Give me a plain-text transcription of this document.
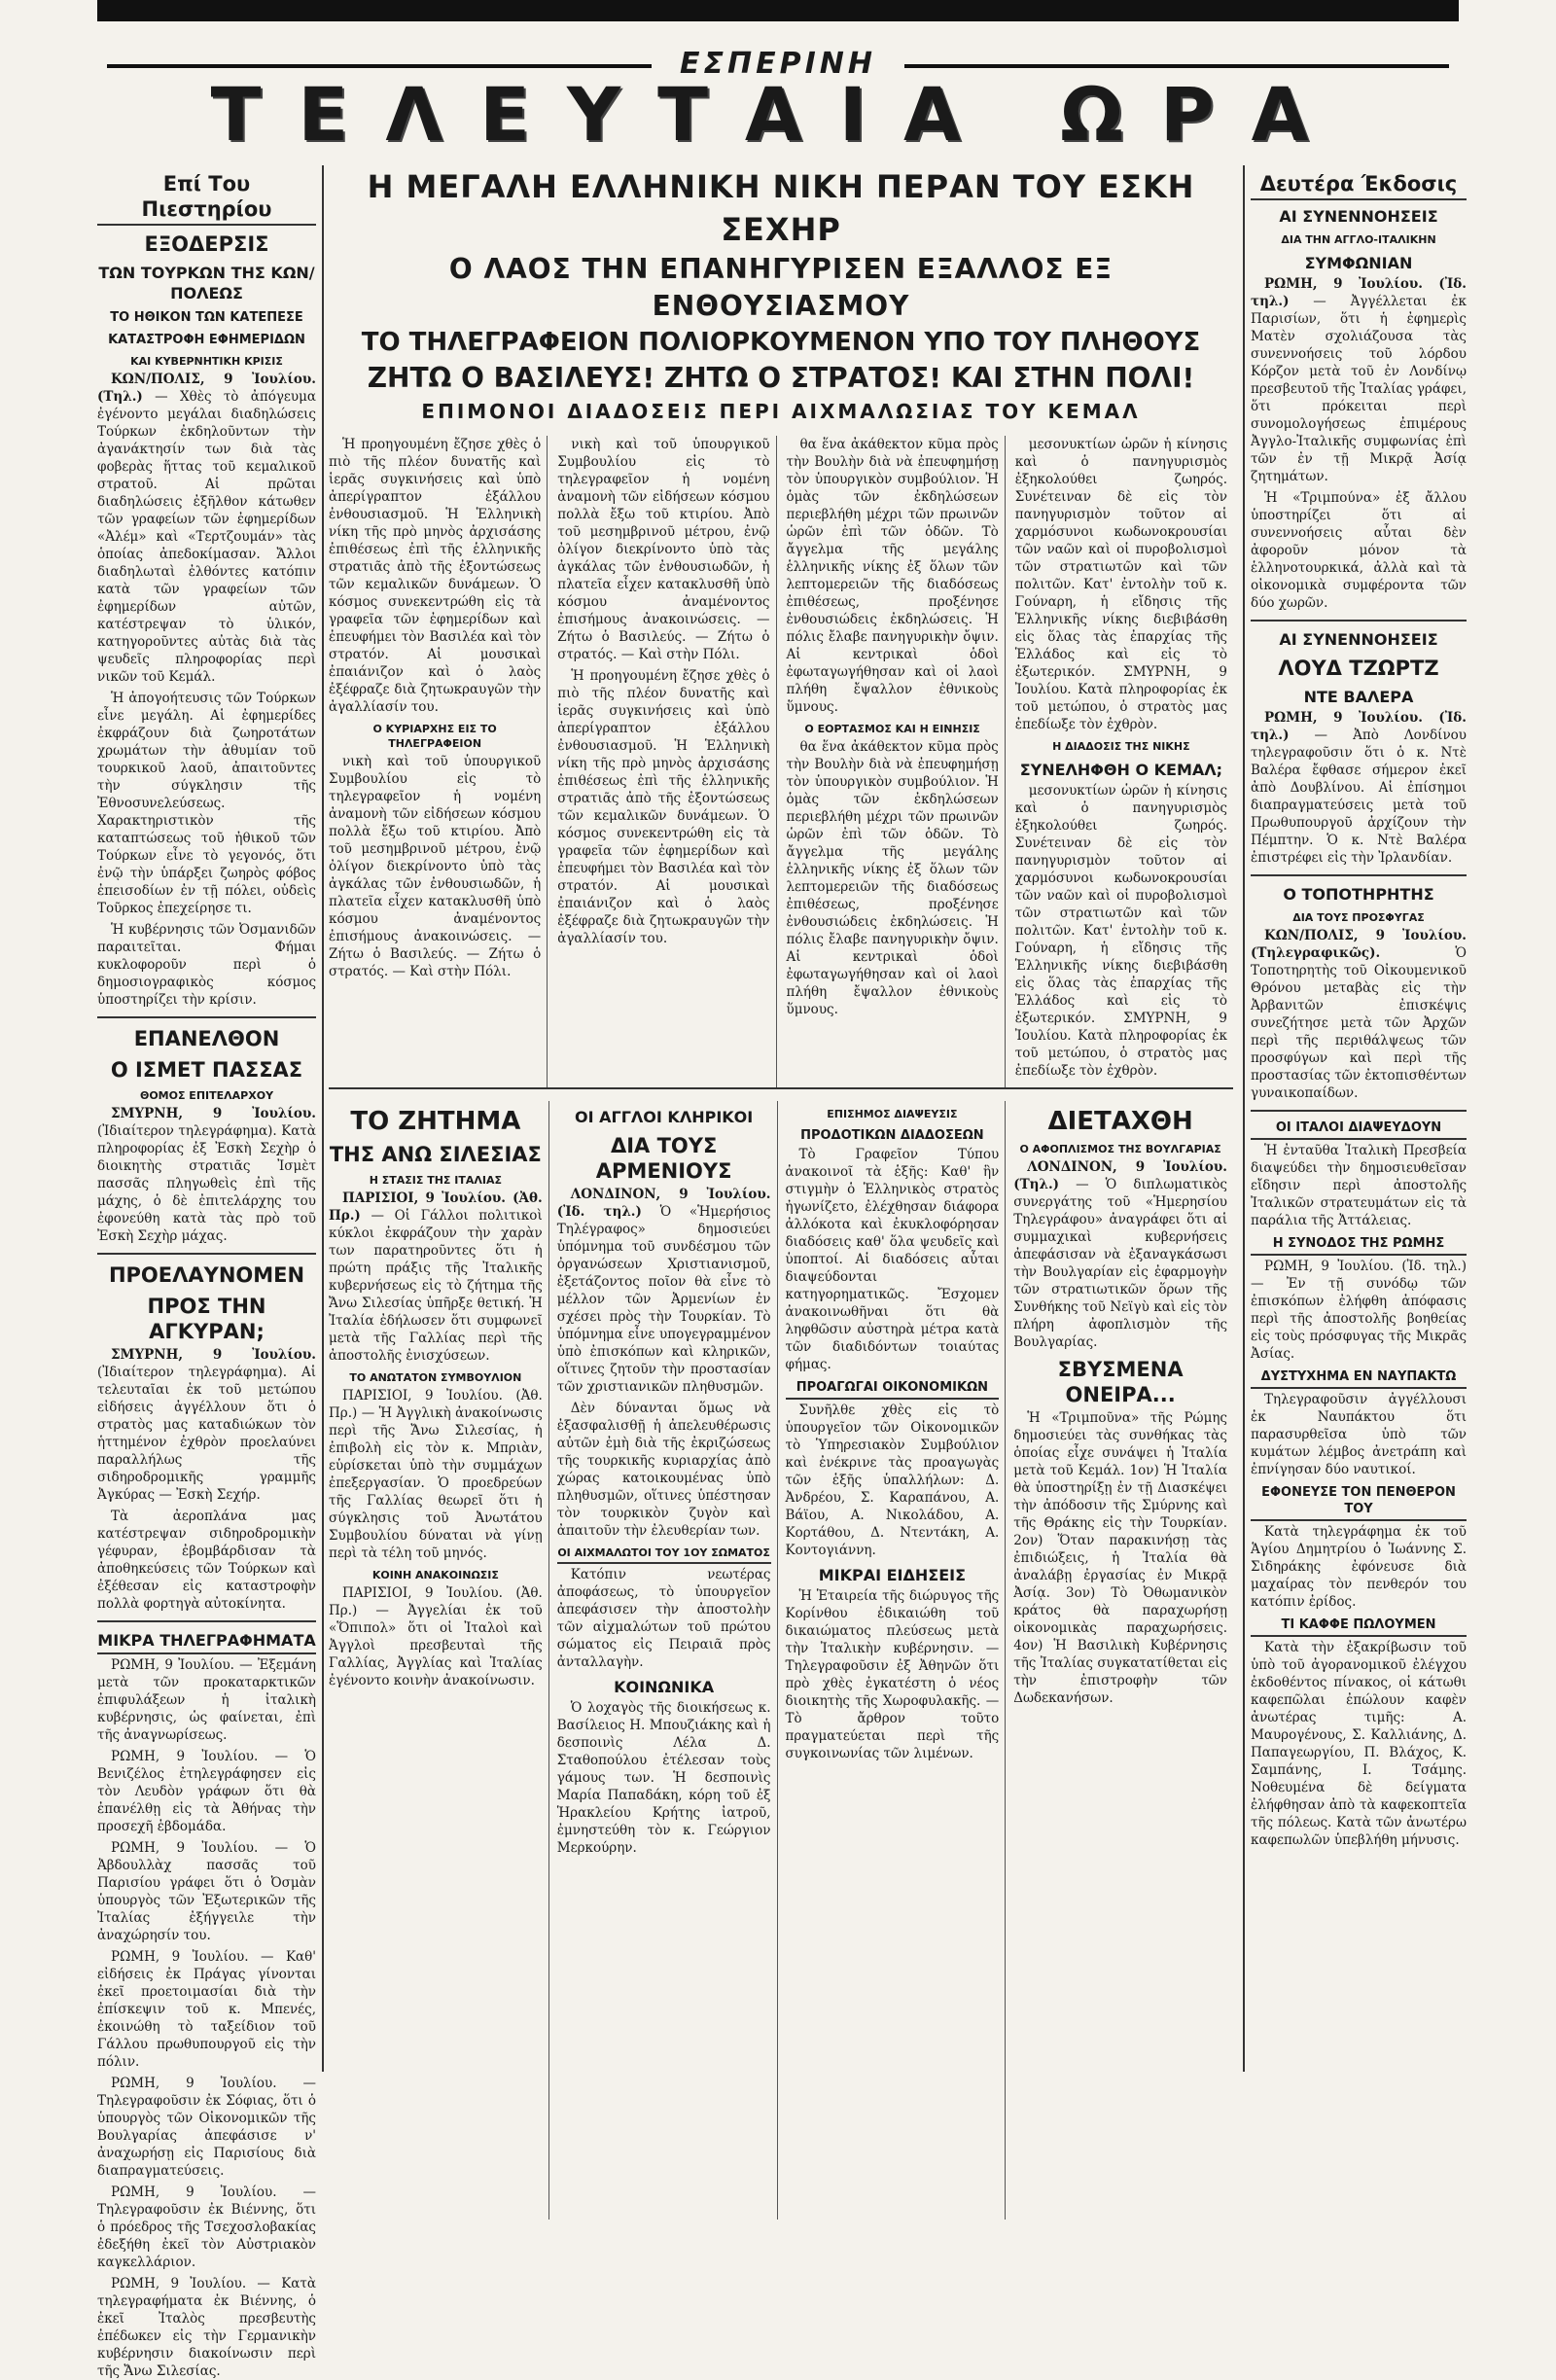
ΕΣΠΕΡΙΝΗ
ΤΕΛΕΥΤΑΙΑ ΩΡΑ
Επί Του Πιεστηρίου
ΕΞΟΔΕΡΣΙΣ
ΤΩΝ ΤΟΥΡΚΩΝ ΤΗΣ ΚΩΝ/ΠΟΛΕΩΣ
ΤΟ ΗΘΙΚΟΝ ΤΩΝ ΚΑΤΕΠΕΣΕ
ΚΑΤΑΣΤΡΟΦΗ ΕΦΗΜΕΡΙΔΩΝ
ΚΑΙ ΚΥΒΕΡΝΗΤΙΚΗ ΚΡΙΣΙΣ

ΚΩΝ/ΠΟΛΙΣ, 9 Ἰουλίου. (Τηλ.) — Χθὲς τὸ ἀπόγευμα ἐγένοντο μεγάλαι διαδηλώσεις Τούρκων ἐκδηλοῦντων τὴν ἀγανάκτησίν των διὰ τὰς φοβερὰς ἥττας τοῦ κεμαλικοῦ στρατοῦ. Αἱ πρῶται διαδηλώσεις ἐξῆλθον κάτωθεν τῶν γραφείων τῶν ἐφημερίδων «Ἀλέμ» καὶ «Τερτζουμάν» τὰς ὁποίας ἀπεδοκίμασαν. Ἄλλοι διαδηλωταὶ ἐλθόντες κατόπιν κατὰ τῶν γραφείων τῶν ἐφημερίδων αὐτῶν, κατέστρεψαν τὸ ὑλικόν, κατηγοροῦντες αὐτὰς διὰ τὰς ψευδεῖς πληροφορίας περὶ νικῶν τοῦ Κεμάλ.

Ἡ ἀπογοήτευσις τῶν Τούρκων εἶνε μεγάλη. Αἱ ἐφημερίδες ἐκφράζουν διὰ ζωηροτάτων χρωμάτων τὴν ἀθυμίαν τοῦ τουρκικοῦ λαοῦ, ἀπαιτοῦντες τὴν σύγκλησιν τῆς Ἐθνοσυνελεύσεως. Χαρακτηριστικὸν τῆς καταπτώσεως τοῦ ἠθικοῦ τῶν Τούρκων εἶνε τὸ γεγονός, ὅτι ἐνῷ τὴν ὑπάρξει ζωηρὸς φόβος ἐπεισοδίων ἐν τῇ πόλει, οὐδεὶς Τοῦρκος ἐπεχείρησε τι.

Ἡ κυβέρνησις τῶν Ὀσμανιδῶν παραιτεῖται. Φήμαι κυκλοφοροῦν περὶ ὁ δημοσιογραφικὸς κόσμος ὑποστηρίζει τὴν κρίσιν.

ΕΠΑΝΕΛΘΟΝ
Ο ΙΣΜΕΤ ΠΑΣΣΑΣ
ΘΟΜΟΣ ΕΠΙΤΕΛΑΡΧΟΥ

ΣΜΥΡΝΗ, 9 Ἰουλίου. (Ἰδιαίτερον τηλεγράφημα). Κατὰ πληροφορίας ἐξ Ἐσκὴ Σεχὴρ ὁ διοικητὴς στρατιᾶς Ἰσμὲτ πασσᾶς πληγωθεὶς ἐπὶ τῆς μάχης, ὁ δὲ ἐπιτελάρχης του ἐφονεύθη κατὰ τὰς πρὸ τοῦ Ἐσκὴ Σεχὴρ μάχας.

ΠΡΟΕΛΑΥΝΟΜΕΝ
ΠΡΟΣ ΤΗΝ ΑΓΚΥΡΑΝ;

ΣΜΥΡΝΗ, 9 Ἰουλίου. (Ἰδιαίτερον τηλεγράφημα). Αἱ τελευταῖαι ἐκ τοῦ μετώπου εἰδήσεις ἀγγέλλουν ὅτι ὁ στρατὸς μας καταδιώκων τὸν ἡττημένον ἐχθρὸν προελαύνει παραλλήλως τῆς σιδηροδρομικῆς γραμμῆς Ἀγκύρας — Ἐσκὴ Σεχήρ.

Τὰ ἀεροπλάνα μας κατέστρεψαν σιδηροδρομικὴν γέφυραν, ἐβομβάρδισαν τὰ ἀποθηκεύσεις τῶν Τούρκων καὶ ἐξέθεσαν εἰς καταστροφὴν πολλὰ φορτηγὰ αὐτοκίνητα.

ΜΙΚΡΑ ΤΗΛΕΓΡΑΦΗΜΑΤΑ

ΡΩΜΗ, 9 Ἰουλίου. — Ἐξεμάνη μετὰ τῶν προκαταρκτικῶν ἐπιφυλάξεων ἡ ἰταλικὴ κυβέρνησις, ὡς φαίνεται, ἐπὶ τῆς ἀναγνωρίσεως.

ΡΩΜΗ, 9 Ἰουλίου. — Ὁ Βενιζέλος ἐτηλεγράφησεν εἰς τὸν Λευδὸν γράφων ὅτι θὰ ἐπανέλθῃ εἰς τὰ Ἀθήνας τὴν προσεχῆ ἑβδομάδα.

ΡΩΜΗ, 9 Ἰουλίου. — Ὁ Ἀβδουλλὰχ πασσᾶς τοῦ Παρισίου γράφει ὅτι ὁ Ὀσμὰν ὑπουργὸς τῶν Ἐξωτερικῶν τῆς Ἰταλίας ἐξήγγειλε τὴν ἀναχώρησίν του.

ΡΩΜΗ, 9 Ἰουλίου. — Καθ' εἰδήσεις ἐκ Πράγας γίνονται ἐκεῖ προετοιμασίαι διὰ τὴν ἐπίσκεψιν τοῦ κ. Μπενές, ἐκοινώθη τὸ ταξείδιον τοῦ Γάλλου πρωθυπουργοῦ εἰς τὴν πόλιν.

ΡΩΜΗ, 9 Ἰουλίου. — Τηλεγραφοῦσιν ἐκ Σόφιας, ὅτι ὁ ὑπουργὸς τῶν Οἰκονομικῶν τῆς Βουλγαρίας ἀπεφάσισε ν' ἀναχωρήσῃ εἰς Παρισίους διὰ διαπραγματεύσεις.

ΡΩΜΗ, 9 Ἰουλίου. — Τηλεγραφοῦσιν ἐκ Βιέννης, ὅτι ὁ πρόεδρος τῆς Τσεχοσλοβακίας ἐδεξήθη ἐκεῖ τὸν Αὐστριακὸν καγκελλάριον.

ΡΩΜΗ, 9 Ἰουλίου. — Κατὰ τηλεγραφήματα ἐκ Βιέννης, ὁ ἐκεῖ Ἰταλὸς πρεσβευτὴς ἐπέδωκεν εἰς τὴν Γερμανικὴν κυβέρνησιν διακοίνωσιν περὶ τῆς Ἄνω Σιλεσίας.

Η ΜΕΓΑΛΗ ΕΛΛΗΝΙΚΗ ΝΙΚΗ ΠΕΡΑΝ ΤΟΥ ΕΣΚΗ ΣΕΧΗΡ
Ο ΛΑΟΣ ΤΗΝ ΕΠΑΝΗΓΥΡΙΣΕΝ ΕΞΑΛΛΟΣ ΕΞ ΕΝΘΟΥΣΙΑΣΜΟΥ
ΤΟ ΤΗΛΕΓΡΑΦΕΙΟΝ ΠΟΛΙΟΡΚΟΥΜΕΝΟΝ ΥΠΟ ΤΟΥ ΠΛΗΘΟΥΣ
ΖΗΤΩ Ο ΒΑΣΙΛΕΥΣ! ΖΗΤΩ Ο ΣΤΡΑΤΟΣ! ΚΑΙ ΣΤΗΝ ΠΟΛΙ!
ΕΠΙΜΟΝΟΙ ΔΙΑΔΟΣΕΙΣ ΠΕΡΙ ΑΙΧΜΑΛΩΣΙΑΣ ΤΟΥ ΚΕΜΑΛ

Ἡ προηγουμένη ἔζησε χθὲς ὁ πιὸ τῆς πλέον δυνατῆς καὶ ἱερᾶς συγκινήσεις καὶ ὑπὸ ἀπερίγραπτον ἐξάλλου ἐνθουσιασμοῦ. Ἡ Ἑλληνικὴ νίκη τῆς πρὸ μηνὸς ἀρχισάσης ἐπιθέσεως ἐπὶ τῆς ἑλληνικῆς στρατιᾶς ἀπὸ τῆς ἐξοντώσεως τῶν κεμαλικῶν δυνάμεων. Ὁ κόσμος συνεκεντρώθη εἰς τὰ γραφεῖα τῶν ἐφημερίδων καὶ ἐπευφήμει τὸν Βασιλέα καὶ τὸν στρατόν. Αἱ μουσικαὶ ἐπαιάνιζον καὶ ὁ λαὸς ἐξέφραζε διὰ ζητωκραυγῶν τὴν ἀγαλλίασίν του.

Ο ΚΥΡΙΑΡΧΗΣ ΕΙΣ ΤΟ ΤΗΛΕΓΡΑΦΕΙΟΝ

νικὴ καὶ τοῦ ὑπουργικοῦ Συμβουλίου εἰς τὸ τηλεγραφεῖον ἡ νομένη ἀναμονὴ τῶν εἰδήσεων κόσμου πολλὰ ἔξω τοῦ κτιρίου. Ἀπὸ τοῦ μεσημβρινοῦ μέτρου, ἐνῷ ὀλίγον διεκρίνοντο ὑπὸ τὰς ἀγκάλας τῶν ἐνθουσιωδῶν, ἡ πλατεῖα εἶχεν κατακλυσθῆ ὑπὸ κόσμου ἀναμένοντος ἐπισήμους ἀνακοινώσεις. — Ζήτω ὁ Βασιλεύς. — Ζήτω ὁ στρατός. — Καὶ στὴν Πόλι.

νικὴ καὶ τοῦ ὑπουργικοῦ Συμβουλίου εἰς τὸ τηλεγραφεῖον ἡ νομένη ἀναμονὴ τῶν εἰδήσεων κόσμου πολλὰ ἔξω τοῦ κτιρίου. Ἀπὸ τοῦ μεσημβρινοῦ μέτρου, ἐνῷ ὀλίγον διεκρίνοντο ὑπὸ τὰς ἀγκάλας τῶν ἐνθουσιωδῶν, ἡ πλατεῖα εἶχεν κατακλυσθῆ ὑπὸ κόσμου ἀναμένοντος ἐπισήμους ἀνακοινώσεις. — Ζήτω ὁ Βασιλεύς. — Ζήτω ὁ στρατός. — Καὶ στὴν Πόλι.

Ἡ προηγουμένη ἔζησε χθὲς ὁ πιὸ τῆς πλέον δυνατῆς καὶ ἱερᾶς συγκινήσεις καὶ ὑπὸ ἀπερίγραπτον ἐξάλλου ἐνθουσιασμοῦ. Ἡ Ἑλληνικὴ νίκη τῆς πρὸ μηνὸς ἀρχισάσης ἐπιθέσεως ἐπὶ τῆς ἑλληνικῆς στρατιᾶς ἀπὸ τῆς ἐξοντώσεως τῶν κεμαλικῶν δυνάμεων. Ὁ κόσμος συνεκεντρώθη εἰς τὰ γραφεῖα τῶν ἐφημερίδων καὶ ἐπευφήμει τὸν Βασιλέα καὶ τὸν στρατόν. Αἱ μουσικαὶ ἐπαιάνιζον καὶ ὁ λαὸς ἐξέφραζε διὰ ζητωκραυγῶν τὴν ἀγαλλίασίν του.

θα ἕνα ἀκάθεκτον κῦμα πρὸς τὴν Βουλὴν διὰ νὰ ἐπευφημήσῃ τὸν ὑπουργικὸν συμβούλιον. Ἡ ὁμὰς τῶν ἐκδηλώσεων περιεβλήθη μέχρι τῶν πρωινῶν ὡρῶν ἐπὶ τῶν ὁδῶν. Τὸ ἄγγελμα τῆς μεγάλης ἑλληνικῆς νίκης ἐξ ὅλων τῶν λεπτομερειῶν τῆς διαδόσεως ἐπιθέσεως, προξένησε ἐνθουσιώδεις ἐκδηλώσεις. Ἡ πόλις ἔλαβε πανηγυρικὴν ὄψιν. Αἱ κεντρικαὶ ὁδοὶ ἐφωταγωγήθησαν καὶ οἱ λαοὶ πλήθη ἔψαλλον ἐθνικοὺς ὕμνους.

Ο ΕΟΡΤΑΣΜΟΣ ΚΑΙ Η ΕΙΝΗΣΙΣ

θα ἕνα ἀκάθεκτον κῦμα πρὸς τὴν Βουλὴν διὰ νὰ ἐπευφημήσῃ τὸν ὑπουργικὸν συμβούλιον. Ἡ ὁμὰς τῶν ἐκδηλώσεων περιεβλήθη μέχρι τῶν πρωινῶν ὡρῶν ἐπὶ τῶν ὁδῶν. Τὸ ἄγγελμα τῆς μεγάλης ἑλληνικῆς νίκης ἐξ ὅλων τῶν λεπτομερειῶν τῆς διαδόσεως ἐπιθέσεως, προξένησε ἐνθουσιώδεις ἐκδηλώσεις. Ἡ πόλις ἔλαβε πανηγυρικὴν ὄψιν. Αἱ κεντρικαὶ ὁδοὶ ἐφωταγωγήθησαν καὶ οἱ λαοὶ πλήθη ἔψαλλον ἐθνικοὺς ὕμνους.

μεσονυκτίων ὡρῶν ἡ κίνησις καὶ ὁ πανηγυρισμὸς ἐξηκολούθει ζωηρός. Συνέτειναν δὲ εἰς τὸν πανηγυρισμὸν τοῦτον αἱ χαρμόσυνοι κωδωνοκρουσίαι τῶν ναῶν καὶ οἱ πυροβολισμοὶ τῶν στρατιωτῶν καὶ τῶν πολιτῶν. Κατ' ἐντολὴν τοῦ κ. Γούναρη, ἡ εἴδησις τῆς Ἑλληνικῆς νίκης διεβιβάσθη εἰς ὅλας τὰς ἐπαρχίας τῆς Ἑλλάδος καὶ εἰς τὸ ἐξωτερικόν. ΣΜΥΡΝΗ, 9 Ἰουλίου. Κατὰ πληροφορίας ἐκ τοῦ μετώπου, ὁ στρατὸς μας ἐπεδίωξε τὸν ἐχθρὸν.

Η ΔΙΑΔΟΣΙΣ ΤΗΣ ΝΙΚΗΣ
ΣΥΝΕΛΗΦΘΗ Ο ΚΕΜΑΛ;

μεσονυκτίων ὡρῶν ἡ κίνησις καὶ ὁ πανηγυρισμὸς ἐξηκολούθει ζωηρός. Συνέτειναν δὲ εἰς τὸν πανηγυρισμὸν τοῦτον αἱ χαρμόσυνοι κωδωνοκρουσίαι τῶν ναῶν καὶ οἱ πυροβολισμοὶ τῶν στρατιωτῶν καὶ τῶν πολιτῶν. Κατ' ἐντολὴν τοῦ κ. Γούναρη, ἡ εἴδησις τῆς Ἑλληνικῆς νίκης διεβιβάσθη εἰς ὅλας τὰς ἐπαρχίας τῆς Ἑλλάδος καὶ εἰς τὸ ἐξωτερικόν. ΣΜΥΡΝΗ, 9 Ἰουλίου. Κατὰ πληροφορίας ἐκ τοῦ μετώπου, ὁ στρατὸς μας ἐπεδίωξε τὸν ἐχθρὸν.

ΤΟ ΖΗΤΗΜΑ
ΤΗΣ ΑΝΩ ΣΙΛΕΣΙΑΣ
Η ΣΤΑΣΙΣ ΤΗΣ ΙΤΑΛΙΑΣ

ΠΑΡΙΣΙΟΙ, 9 Ἰουλίου. (Ἀθ. Πρ.) — Οἱ Γάλλοι πολιτικοὶ κύκλοι ἐκφράζουν τὴν χαρὰν των παρατηροῦντες ὅτι ἡ πρώτη πράξις τῆς Ἰταλικῆς κυβερνήσεως εἰς τὸ ζήτημα τῆς Ἄνω Σιλεσίας ὑπῆρξε θετική. Ἡ Ἰταλία ἐδήλωσεν ὅτι συμφωνεῖ μετὰ τῆς Γαλλίας περὶ τῆς ἀποστολῆς ἐνισχύσεων.

ΤΟ ΑΝΩΤΑΤΟΝ ΣΥΜΒΟΥΛΙΟΝ

ΠΑΡΙΣΙΟΙ, 9 Ἰουλίου. (Ἀθ. Πρ.) — Ἡ Ἀγγλικὴ ἀνακοίνωσις περὶ τῆς Ἄνω Σιλεσίας, ἡ ἐπιβολὴ εἰς τὸν κ. Μπριὰν, εὑρίσκεται ὑπὸ τὴν συμμάχων ἐπεξεργασίαν. Ὁ προεδρεύων τῆς Γαλλίας θεωρεῖ ὅτι ἡ σύγκλησις τοῦ Ἀνωτάτου Συμβουλίου δύναται νὰ γίνῃ περὶ τὰ τέλη τοῦ μηνός.

ΚΟΙΝΗ ΑΝΑΚΟΙΝΩΣΙΣ

ΠΑΡΙΣΙΟΙ, 9 Ἰουλίου. (Ἀθ. Πρ.) — Ἀγγελίαι ἐκ τοῦ «Ὅπιπολ» ὅτι οἱ Ἰταλοὶ καὶ Ἀγγλοὶ πρεσβευταὶ τῆς Γαλλίας, Ἀγγλίας καὶ Ἰταλίας ἐγένοντο κοινὴν ἀνακοίνωσιν.

ΟΙ ΑΓΓΛΟΙ ΚΛΗΡΙΚΟΙ
ΔΙΑ ΤΟΥΣ ΑΡΜΕΝΙΟΥΣ

ΛΟΝΔΙΝΟΝ, 9 Ἰουλίου. (Ἰδ. τηλ.) Ὁ «Ἡμερήσιος Τηλέγραφος» δημοσιεύει ὑπόμνημα τοῦ συνδέσμου τῶν ὀργανώσεων Χριστιανισμοῦ, ἐξετάζοντος ποῖον θὰ εἶνε τὸ μέλλον τῶν Ἀρμενίων ἐν σχέσει πρὸς τὴν Τουρκίαν. Τὸ ὑπόμνημα εἶνε υπογεγραμμένον ὑπὸ ἐπισκόπων καὶ κληρικῶν, οἵτινες ζητοῦν τὴν προστασίαν τῶν χριστιανικῶν πληθυσμῶν.

Δὲν δύνανται ὅμως νὰ ἐξασφαλισθῇ ἡ ἀπελευθέρωσις αὐτῶν ἐμὴ διὰ τῆς ἐκριζώσεως τῆς τουρκικῆς κυριαρχίας ἀπὸ χώρας κατοικουμένας ὑπὸ πληθυσμῶν, οἵτινες ὑπέστησαν τὸν τουρκικὸν ζυγὸν καὶ ἀπαιτοῦν τὴν ἐλευθερίαν των.

ΟΙ ΑΙΧΜΑΛΩΤΟΙ ΤΟΥ 1ΟΥ ΣΩΜΑΤΟΣ

Κατόπιν νεωτέρας ἀποφάσεως, τὸ ὑπουργεῖον ἀπεφάσισεν τὴν ἀποστολὴν τῶν αἰχμαλώτων τοῦ πρώτου σώματος εἰς Πειραιᾶ πρὸς ἀνταλλαγὴν.

ΚΟΙΝΩΝΙΚΑ

Ὁ λοχαγὸς τῆς διοικήσεως κ. Βασίλειος Η. Μπουζιάκης καὶ ἡ δεσποινὶς Λέλα Δ. Σταθοπούλου ἐτέλεσαν τοὺς γάμους των. Ἡ δεσποινὶς Μαρία Παπαδάκη, κόρη τοῦ ἐξ Ἡρακλείου Κρήτης ἰατροῦ, ἐμνηστεύθη τὸν κ. Γεώργιον Μερκούρην.

ΕΠΙΣΗΜΟΣ ΔΙΑΨΕΥΣΙΣ
ΠΡΟΔΟΤΙΚΩΝ ΔΙΑΔΟΣΕΩΝ

Τὸ Γραφεῖον Τύπου ἀνακοινοῖ τὰ ἑξῆς: Καθ' ἣν στιγμὴν ὁ Ἑλληνικὸς στρατὸς ἠγωνίζετο, ἐλέχθησαν διάφορα ἀλλόκοτα καὶ ἐκυκλοφόρησαν διαδόσεις καθ' ὅλα ψευδεῖς καὶ ὑποπτοί. Αἱ διαδόσεις αὗται διαψεύδονται κατηγορηματικῶς. Ἔσχομεν ἀνακοινωθῆναι ὅτι θὰ ληφθῶσιν αὐστηρὰ μέτρα κατὰ τῶν διαδιδόντων τοιαύτας φήμας.

ΠΡΟΑΓΩΓΑΙ ΟΙΚΟΝΟΜΙΚΩΝ

Συνῆλθε χθὲς εἰς τὸ ὑπουργεῖον τῶν Οἰκονομικῶν τὸ Ὑπηρεσιακὸν Συμβούλιον καὶ ἐνέκρινε τὰς προαγωγὰς τῶν ἑξῆς ὑπαλλήλων: Δ. Ἀνδρέου, Σ. Καραπάνου, Α. Βάϊου, Α. Νικολάδου, Α. Κορτάθου, Δ. Ντεντάκη, Α. Κοντογιάννη.

ΜΙΚΡΑΙ ΕΙΔΗΣΕΙΣ

Ἡ Ἑταιρεία τῆς διώρυγος τῆς Κορίνθου ἐδικαιώθη τοῦ δικαιώματος πλεύσεως μετὰ τὴν Ἰταλικὴν κυβέρνησιν. — Τηλεγραφοῦσιν ἐξ Ἀθηνῶν ὅτι πρὸ χθὲς ἐγκατέστη ὁ νέος διοικητὴς τῆς Χωροφυλακῆς. — Τὸ ἄρθρον τοῦτο πραγματεύεται περὶ τῆς συγκοινωνίας τῶν λιμένων.

ΔΙΕΤΑΧΘΗ
Ο ΑΦΟΠΛΙΣΜΟΣ ΤΗΣ ΒΟΥΛΓΑΡΙΑΣ

ΛΟΝΔΙΝΟΝ, 9 Ἰουλίου. (Τηλ.) — Ὁ διπλωματικὸς συνεργάτης τοῦ «Ἡμερησίου Τηλεγράφου» ἀναγράφει ὅτι αἱ συμμαχικαὶ κυβερνήσεις ἀπεφάσισαν νὰ ἐξαναγκάσωσι τὴν Βουλγαρίαν εἰς ἐφαρμογὴν τῶν στρατιωτικῶν ὅρων τῆς Συνθήκης τοῦ Νεϊγὺ καὶ εἰς τὸν πλήρη ἀφοπλισμὸν τῆς Βουλγαρίας.

ΣΒΥΣΜΕΝΑ ΟΝΕΙΡΑ...

Ἡ «Τριμποῦνα» τῆς Ρώμης δημοσιεύει τὰς συνθήκας τὰς ὁποίας εἶχε συνάψει ἡ Ἰταλία μετὰ τοῦ Κεμάλ. 1ον) Ἡ Ἰταλία θὰ ὑποστηρίξῃ ἐν τῇ Διασκέψει τὴν ἀπόδοσιν τῆς Σμύρνης καὶ τῆς Θράκης εἰς τὴν Τουρκίαν. 2ον) Ὅταν παρακινήσῃ τὰς ἐπιδιώξεις, ἡ Ἰταλία θὰ ἀναλάβῃ ἐργασίας ἐν Μικρᾷ Ἀσίᾳ. 3ον) Τὸ Ὀθωμανικὸν κράτος θὰ παραχωρήσῃ οἰκονομικὰς παραχωρήσεις. 4ον) Ἡ Βασιλικὴ Κυβέρνησις τῆς Ἰταλίας συγκατατίθεται εἰς τὴν ἐπιστροφὴν τῶν Δωδεκανήσων.

Δευτέρα Έκδοσις
ΑΙ ΣΥΝΕΝΝΟΗΣΕΙΣ
ΔΙΑ ΤΗΝ ΑΓΓΛΟ-ΙΤΑΛΙΚΗΝ
ΣΥΜΦΩΝΙΑΝ

ΡΩΜΗ, 9 Ἰουλίου. (Ἰδ. τηλ.) — Ἀγγέλλεται ἐκ Παρισίων, ὅτι ἡ ἐφημερὶς Ματὲν σχολιάζουσα τὰς συνεννοήσεις τοῦ λόρδου Κόρζον μετὰ τοῦ ἐν Λονδίνῳ πρεσβευτοῦ τῆς Ἰταλίας γράφει, ὅτι πρόκειται περὶ συνομολογήσεως ἐπιμέρους Ἀγγλο-Ἰταλικῆς συμφωνίας ἐπὶ τῶν ἐν τῇ Μικρᾷ Ἀσίᾳ ζητημάτων.

Ἡ «Τριμπούνα» ἐξ ἄλλου ὑποστηρίζει ὅτι αἱ συνεννοήσεις αὗται δὲν ἀφοροῦν μόνον τὰ ἑλληνοτουρκικά, ἀλλὰ καὶ τὰ οἰκονομικὰ συμφέροντα τῶν δύο χωρῶν.

ΑΙ ΣΥΝΕΝΝΟΗΣΕΙΣ
ΛΟΥΔ ΤΖΩΡΤΖ
ΝΤΕ ΒΑΛΕΡΑ

ΡΩΜΗ, 9 Ἰουλίου. (Ἰδ. τηλ.) — Ἀπὸ Λονδίνου τηλεγραφοῦσιν ὅτι ὁ κ. Ντὲ Βαλέρα ἔφθασε σήμερον ἐκεῖ ἀπὸ Δουβλίνου. Αἱ ἐπίσημοι διαπραγματεύσεις μετὰ τοῦ Πρωθυπουργοῦ ἀρχίζουν τὴν Πέμπτην. Ὁ κ. Ντὲ Βαλέρα ἐπιστρέφει εἰς τὴν Ἰρλανδίαν.

Ο ΤΟΠΟΤΗΡΗΤΗΣ
ΔΙΑ ΤΟΥΣ ΠΡΟΣΦΥΓΑΣ

ΚΩΝ/ΠΟΛΙΣ, 9 Ἰουλίου. (Τηλεγραφικῶς).	Ὁ Τοποτηρητὴς τοῦ Οἰκουμενικοῦ Θρόνου μεταβὰς εἰς τὴν Ἀρβανιτῶν ἐπισκέψις συνεζήτησε μετὰ τῶν Ἀρχῶν περὶ τῆς περιθάλψεως τῶν προσφύγων καὶ περὶ τῆς προστασίας τῶν ἐκτοπισθέντων γυναικοπαίδων.

ΟΙ ΙΤΑΛΟΙ ΔΙΑΨΕΥΔΟΥΝ

Ἡ ἐνταῦθα Ἰταλικὴ Πρεσβεία διαψεύδει τὴν δημοσιευθεῖσαν εἴδησιν περὶ ἀποστολῆς Ἰταλικῶν στρατευμάτων εἰς τὰ παράλια τῆς Ἀττάλειας.

Η ΣΥΝΟΔΟΣ ΤΗΣ ΡΩΜΗΣ

ΡΩΜΗ, 9 Ἰουλίου. (Ἰδ. τηλ.) — Ἐν τῇ συνόδῳ τῶν ἐπισκόπων ἐλήφθη ἀπόφασις περὶ τῆς ἀποστολῆς βοηθείας εἰς τοὺς πρόσφυγας τῆς Μικρᾶς Ἀσίας.

ΔΥΣΤΥΧΗΜΑ ΕΝ ΝΑΥΠΑΚΤΩ

Τηλεγραφοῦσιν ἀγγέλλουσι ἐκ Ναυπάκτου ὅτι παρασυρθεῖσα ὑπὸ τῶν κυμάτων λέμβος ἀνετράπη καὶ ἐπνίγησαν δύο ναυτικοί.

ΕΦΟΝΕΥΣΕ ΤΟΝ ΠΕΝΘΕΡΟΝ ΤΟΥ

Κατὰ τηλεγράφημα ἐκ τοῦ Ἁγίου Δημητρίου ὁ Ἰωάννης Σ. Σιδηράκης ἐφόνευσε διὰ μαχαίρας τὸν πενθερόν του κατόπιν ἐρίδος.

ΤΙ ΚΑΦΦΕ ΠΩΛΟΥΜΕΝ

Κατὰ τὴν ἐξακρίβωσιν τοῦ ὑπὸ τοῦ ἀγορανομικοῦ ἐλέγχου ἐκδοθέντος πίνακος, οἱ κάτωθι καφεπῶλαι ἐπώλουν καφὲν ἀνωτέρας τιμῆς: Α. Μαυρογένους, Σ. Καλλιάνης, Δ. Παπαγεωργίου, Π. Βλάχος, Κ. Σαμπάνης, Ι. Τσάμης. Νοθευμένα δὲ δείγματα ἐλήφθησαν ἀπὸ τὰ καφεκοπτεῖα τῆς πόλεως. Κατὰ τῶν ἀνωτέρω καφεπωλῶν ὑπεβλήθη μήνυσις.
